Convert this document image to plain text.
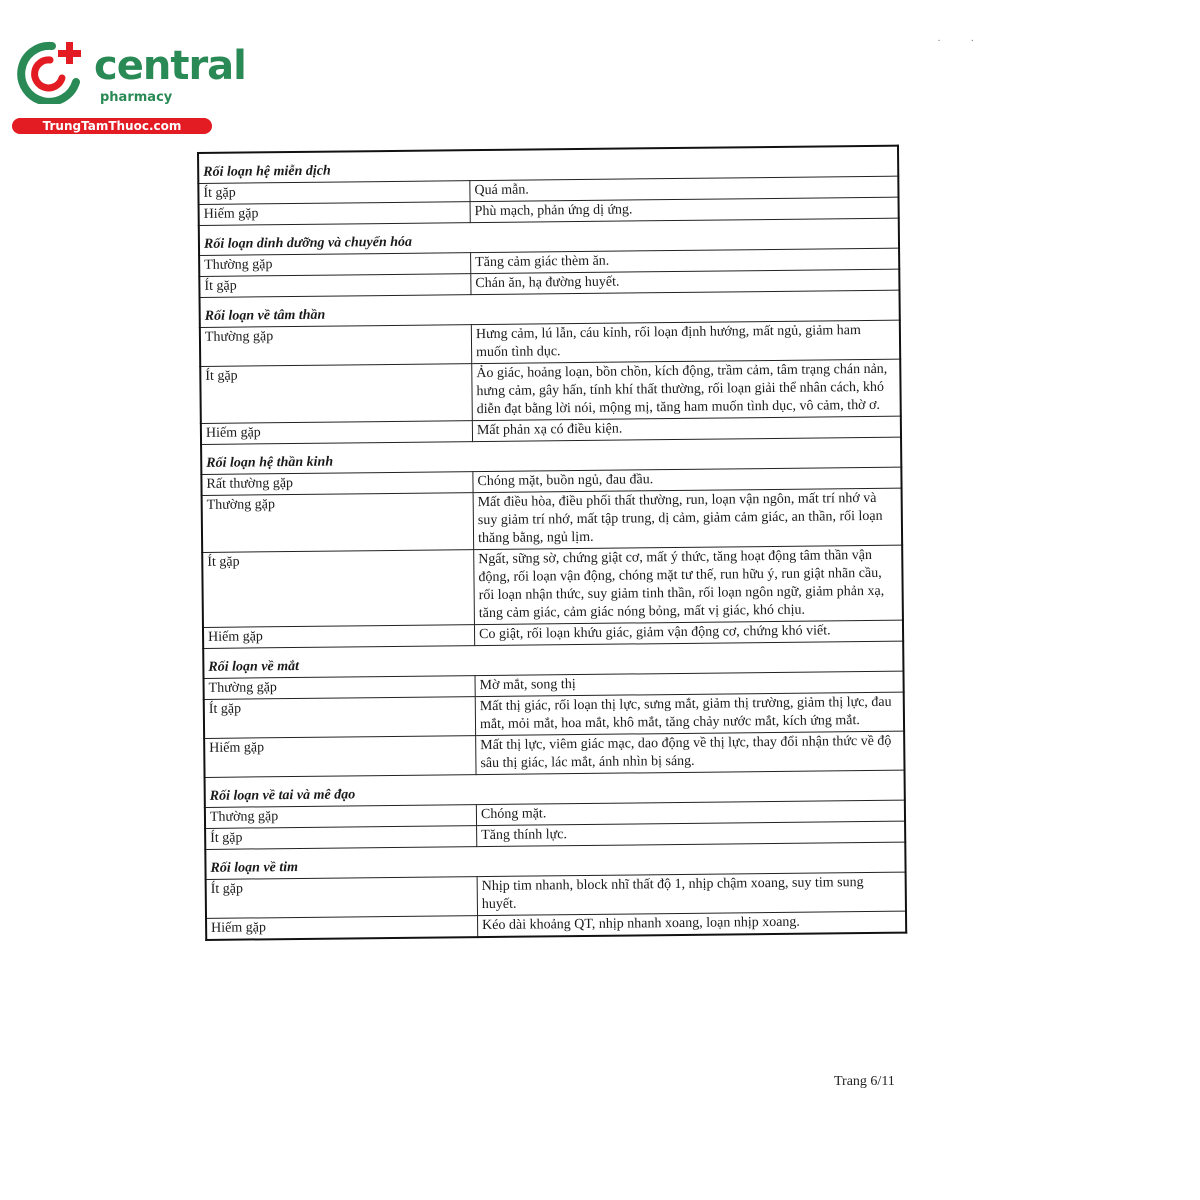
central
pharmacy
TrungTamThuoc.com
·            ·
Rối loạn hệ miễn dịch	
Ít gặp	Quá mẫn.
Hiếm gặp	Phù mạch, phản ứng dị ứng.
Rối loạn dinh dưỡng và chuyển hóa	
Thường gặp	Tăng cảm giác thèm ăn.
Ít gặp	Chán ăn, hạ đường huyết.
Rối loạn về tâm thần	
Thường gặp	Hưng cảm, lú lẫn, cáu kỉnh, rối loạn định hướng, mất ngủ, giảm ham muốn tình dục.
Ít gặp	Ảo giác, hoảng loạn, bồn chồn, kích động, trầm cảm, tâm trạng chán nản, hưng cảm, gây hấn, tính khí thất thường, rối loạn giải thể nhân cách, khó diễn đạt bằng lời nói, mộng mị, tăng ham muốn tình dục, vô cảm, thờ ơ.
Hiếm gặp	Mất phản xạ có điều kiện.
Rối loạn hệ thần kinh	
Rất thường gặp	Chóng mặt, buồn ngủ, đau đầu.
Thường gặp	Mất điều hòa, điều phối thất thường, run, loạn vận ngôn, mất trí nhớ và suy giảm trí nhớ, mất tập trung, dị cảm, giảm cảm giác, an thần, rối loạn thăng bằng, ngủ lịm.
Ít gặp	Ngất, sững sờ, chứng giật cơ, mất ý thức, tăng hoạt động tâm thần vận động, rối loạn vận động, chóng mặt tư thế, run hữu ý, run giật nhãn cầu, rối loạn nhận thức, suy giảm tinh thần, rối loạn ngôn ngữ, giảm phản xạ, tăng cảm giác, cảm giác nóng bỏng, mất vị giác, khó chịu.
Hiếm gặp	Co giật, rối loạn khứu giác, giảm vận động cơ, chứng khó viết.
Rối loạn về mắt	
Thường gặp	Mờ mắt, song thị
Ít gặp	Mất thị giác, rối loạn thị lực, sưng mắt, giảm thị trường, giảm thị lực, đau mắt, mỏi mắt, hoa mắt, khô mắt, tăng chảy nước mắt, kích ứng mắt.
Hiếm gặp	Mất thị lực, viêm giác mạc, dao động về thị lực, thay đổi nhận thức về độ sâu thị giác, lác mắt, ánh nhìn bị sáng.
Rối loạn về tai và mê đạo	
Thường gặp	Chóng mặt.
Ít gặp	Tăng thính lực.
Rối loạn về tim	
Ít gặp	Nhịp tim nhanh, block nhĩ thất độ 1, nhịp chậm xoang, suy tim sung huyết.
Hiếm gặp	Kéo dài khoảng QT, nhịp nhanh xoang, loạn nhịp xoang.
Trang 6/11
